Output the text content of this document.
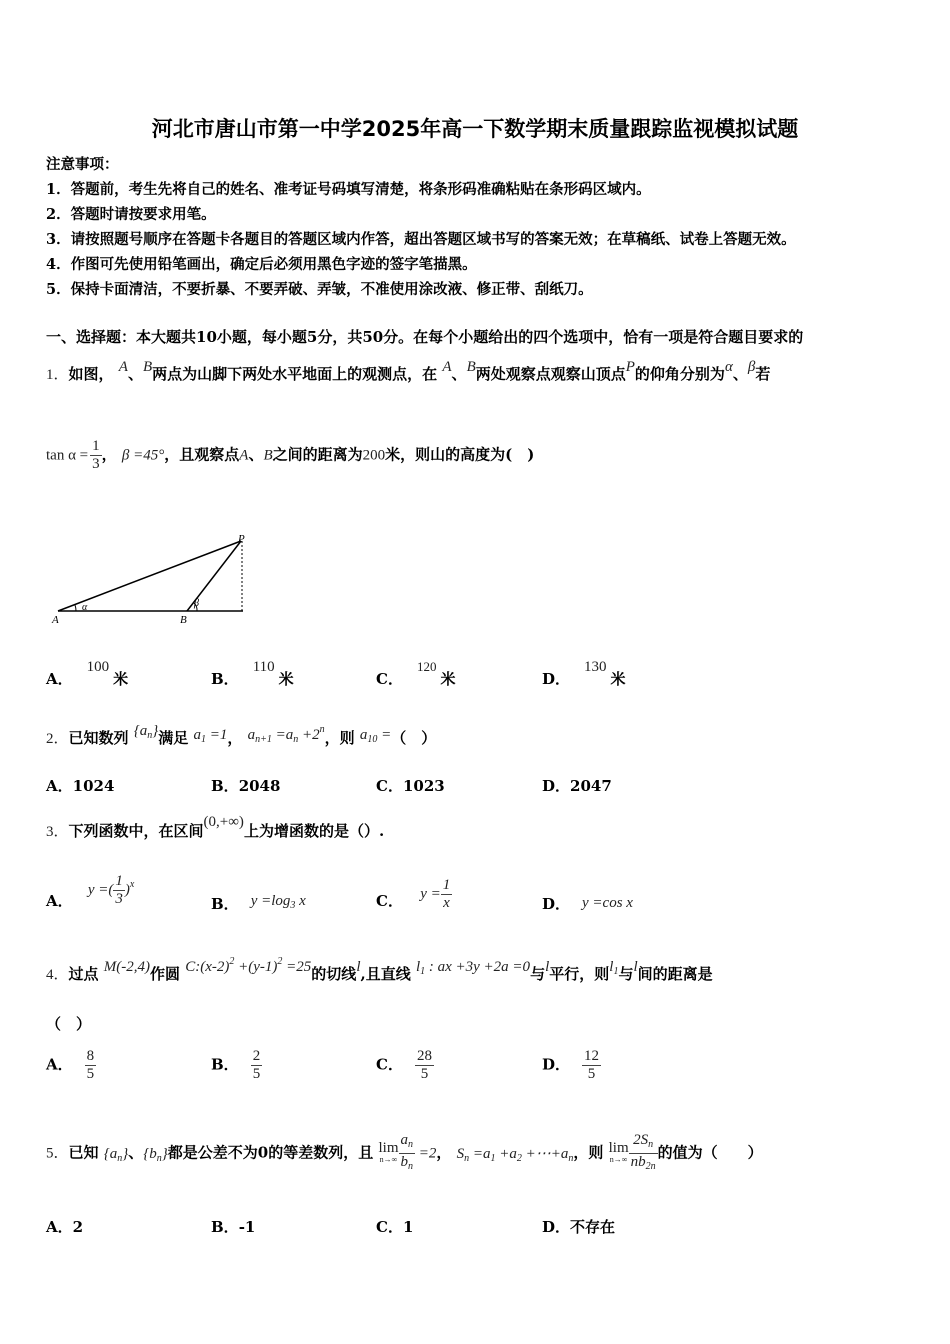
河北市唐山市第一中学2025年高一下数学期末质量跟踪监视模拟试题
注意事项：
1．答题前，考生先将自己的姓名、准考证号码填写清楚，将条形码准确粘贴在条形码区域内。
2．答题时请按要求用笔。
3．请按照题号顺序在答题卡各题目的答题区域内作答，超出答题区域书写的答案无效；在草稿纸、试卷上答题无效。
4．作图可先使用铅笔画出，确定后必须用黑色字迹的签字笔描黑。
5．保持卡面清洁，不要折暴、不要弄破、弄皱，不准使用涂改液、修正带、刮纸刀。
一、选择题：本大题共10小题，每小题5分，共50分。在每个小题给出的四个选项中，恰有一项是符合题目要求的
1．如图， A、B两点为山脚下两处水平地面上的观测点，在 A、B两处观察点观察山顶点P的仰角分别为α、β若
$\tan \alpha = \frac{1}{3}$ ， β =45°，且观察点A、B之间的距离为200米，则山的高度为(　)
P
A	B
α	β
A．100米	B．110米	C．120米	D．130米
2．已知数列 $\{a_n\}$满足 $a_1 =1$， $a_{n+1} =a_n +2^n$，则 $a_{10}$ =（　）
A．1024	B．2048	C．1023	D．2047
3．下列函数中，在区间(0,+∞)上为增函数的是（）.
A． y =( $\frac{1}{3} )^x$
B． $y =\log_3$ x	C． $y = \frac{1}{x}$	D． y =cos x
4．过点 M(-2,4)作圆 $C:(x-2)^2 +(y-1)^2 =25$的切线l,且直线 $l_1$ : ax +3y +2a =0与l平行，则$l_1$与l间的距离是
（　）
A． $\frac{8}{5}$	B． $\frac{2}{5}$	C． $\frac{28}{5}$	D． $\frac{12}{5}$
5．已知 $\{a_n\}$、$\{b_n\}$都是公差不为0的等差数列，且 lim
$n\to\infty \frac{a_n}{b_n} =2$， $S_n =a_1 +a_2$ $+\cdots+a_n$，则 lim
$n\to\infty \frac{2S_n}{nb_{2n}}$ 的值为（　　）
A．2	B．-1	C．1	D．不存在
